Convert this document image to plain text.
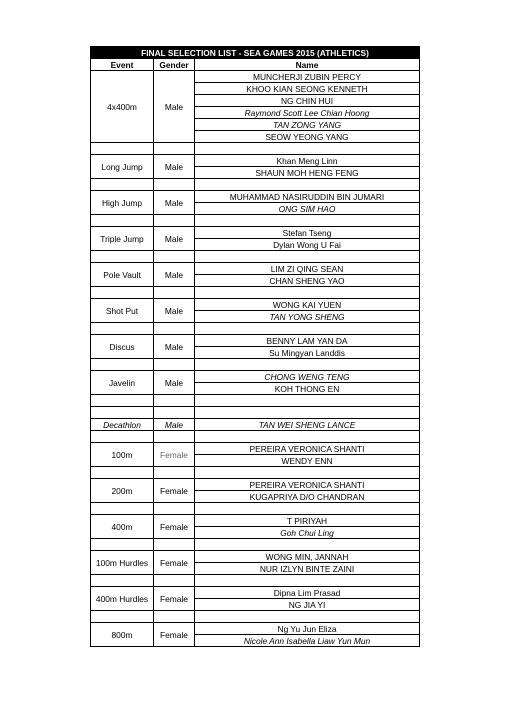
FINAL SELECTION LIST - SEA GAMES 2015 (ATHLETICS)		
Event	Gender	Name
4x400m	Male	MUNCHERJI ZUBIN PERCY
		KHOO KIAN SEONG KENNETH
		NG CHIN HUI
		Raymond Scott Lee Chian Hoong
		TAN ZONG YANG
		SEOW YEONG YANG

Long Jump	Male	Khan Meng Linn
		SHAUN MOH HENG FENG

High Jump	Male	MUHAMMAD NASIRUDDIN BIN JUMARI
		ONG SIM HAO

Triple Jump	Male	Stefan Tseng
		Dylan Wong U Fai

Pole Vault	Male	LIM ZI QING SEAN
		CHAN SHENG YAO

Shot Put	Male	WONG KAI YUEN
		TAN YONG SHENG

Discus	Male	BENNY LAM YAN DA
		Su Mingyan Landdis

Javelin	Male	CHONG WENG TENG
		KOH THONG EN

Decathlon	Male	TAN WEI SHENG LANCE

100m	Female	PEREIRA VERONICA SHANTI
		WENDY ENN

200m	Female	PEREIRA VERONICA SHANTI
		KUGAPRIYA D/O CHANDRAN

400m	Female	T PIRIYAH
		Goh Chui Ling

100m Hurdles	Female	WONG MIN, JANNAH
		NUR IZLYN BINTE ZAINI

400m Hurdles	Female	Dipna Lim Prasad
		NG JIA YI

800m	Female	Ng Yu Jun Eliza
		Nicole Ann Isabella Liaw Yun Mun
